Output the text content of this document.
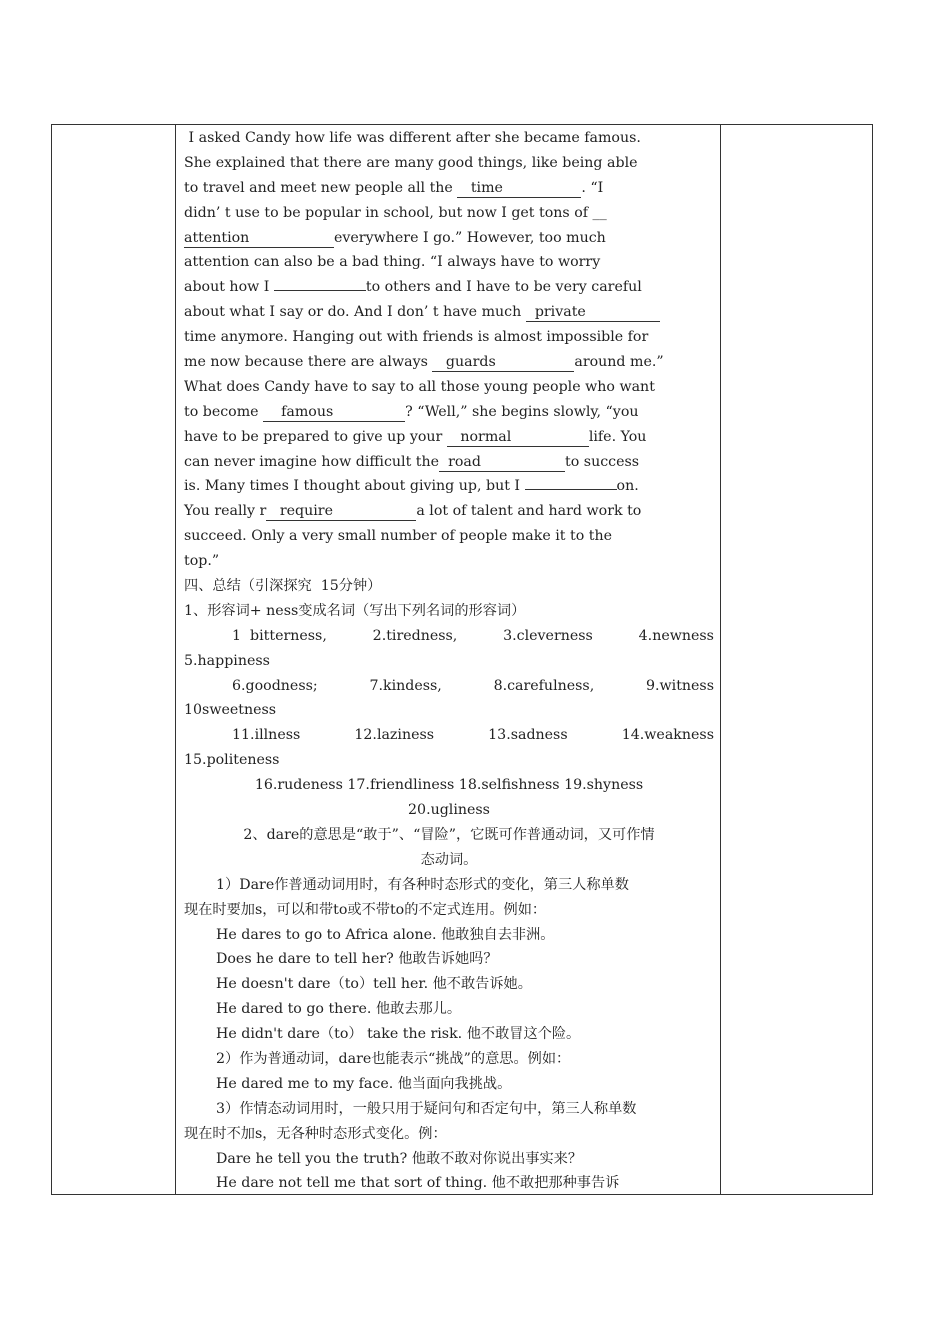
I asked Candy how life was different after she became famous.
She explained that there are many good things, like being able
to travel and meet new people all the    time	. “I
didn’ t use to be popular in school, but now I get tons of __
attention	everywhere I go.” However, too much
attention can also be a bad thing. “I always have to worry
about how I	to others and I have to be very careful
about what I say or do. And I don’ t have much   private
time anymore. Hanging out with friends is almost impossible for
me now because there are always    guards	around me.”
What does Candy have to say to all those young people who want
to become     famous	? “Well,” she begins slowly, “you
have to be prepared to give up your    normal	life. You
can never imagine how difficult the road	to success
is. Many times I thought about giving up, but I	on.
You really r require	a lot of talent and hard work to
succeed. Only a very small number of people make it to the
top.”
四、总结（引深探究  15分钟）
1、形容词+ ness变成名词（写出下列名词的形容词）
1  bitterness,	2.tiredness,	3.cleverness	4.newness
5.happiness
6.goodness;	7.kindess,	8.carefulness,	9.witness
10sweetness
11.illness	12.laziness	13.sadness	14.weakness
15.politeness
16.rudeness 17.friendliness 18.selfishness 19.shyness
20.ugliness
2、dare的意思是“敢于”、“冒险”，它既可作普通动词，又可作情
态动词。
1）Dare作普通动词用时，有各种时态形式的变化，第三人称单数
现在时要加s，可以和带to或不带to的不定式连用。例如：
He dares to go to Africa alone. 他敢独自去非洲。
Does he dare to tell her? 他敢告诉她吗？
He doesn't dare（to）tell her. 他不敢告诉她。
He dared to go there. 他敢去那儿。
He didn't dare（to） take the risk. 他不敢冒这个险。
2）作为普通动词，dare也能表示“挑战”的意思。例如：
He dared me to my face. 他当面向我挑战。
3）作情态动词用时，一般只用于疑问句和否定句中，第三人称单数
现在时不加s，无各种时态形式变化。例：
Dare he tell you the truth? 他敢不敢对你说出事实来？
He dare not tell me that sort of thing. 他不敢把那种事告诉
